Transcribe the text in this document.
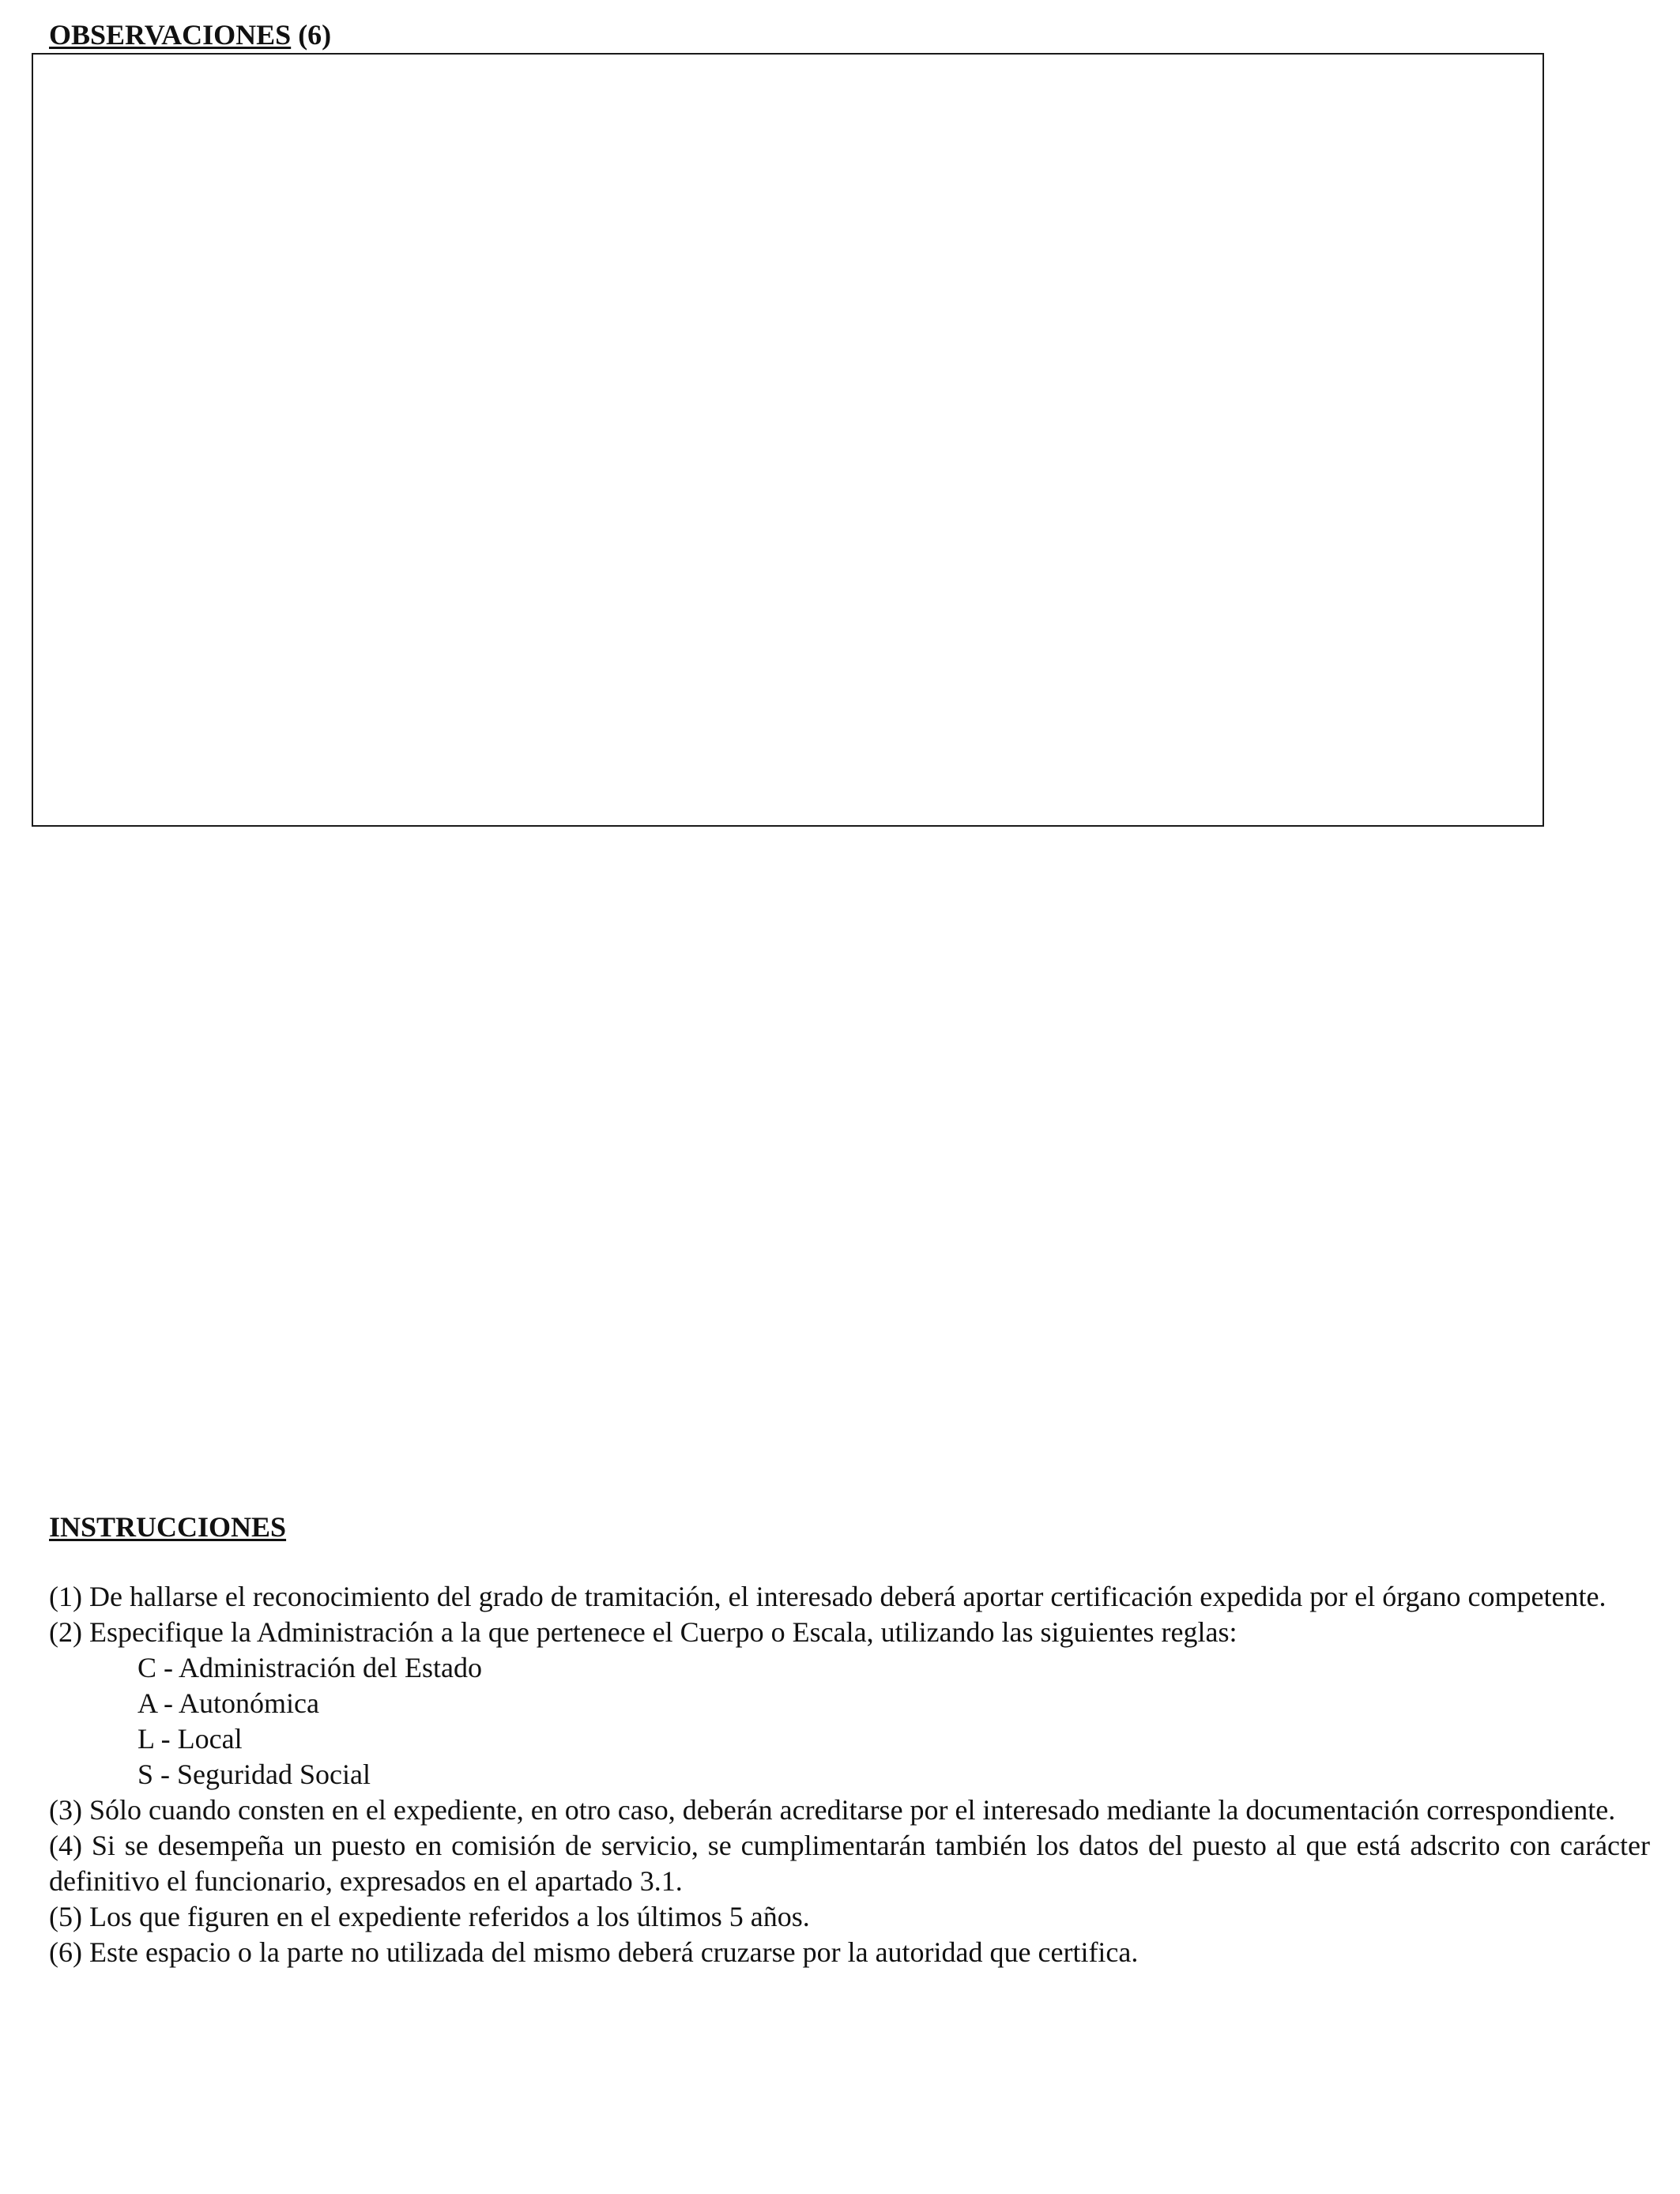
OBSERVACIONES (6)
INSTRUCCIONES

(1) De hallarse el reconocimiento del grado de tramitación, el interesado deberá aportar certificación expedida por el órgano competente.

(2) Especifique la Administración a la que pertenece el Cuerpo o Escala, utilizando las siguientes reglas:

C - Administración del Estado
A - Autonómica
L - Local
S - Seguridad Social

(3) Sólo cuando consten en el expediente, en otro caso, deberán acreditarse por el interesado mediante la documentación correspondiente.

(4) Si se desempeña un puesto en comisión de servicio, se cumplimentarán también los datos del puesto al que está adscrito con carácter definitivo el funcionario, expresados en el apartado 3.1.

(5) Los que figuren en el expediente referidos a los últimos 5 años.

(6) Este espacio o la parte no utilizada del mismo deberá cruzarse por la autoridad que certifica.
